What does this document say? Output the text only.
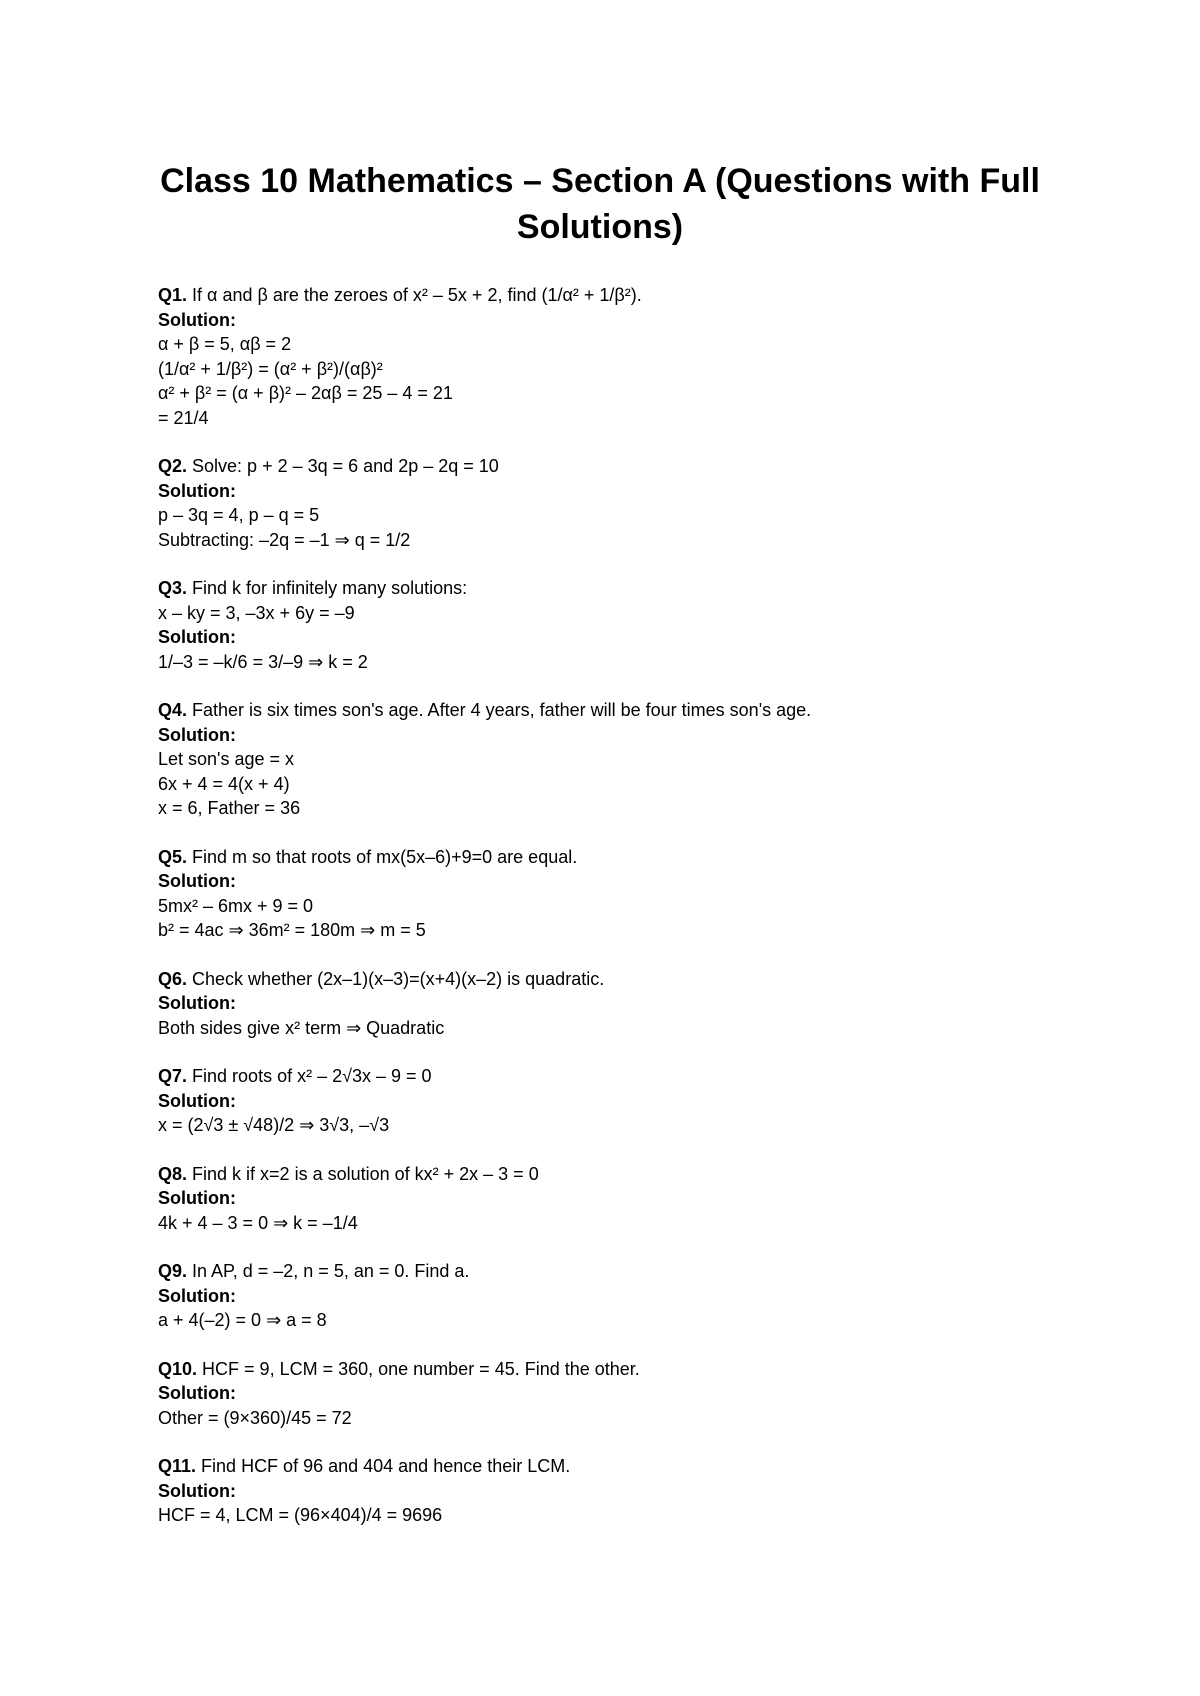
Class 10 Mathematics – Section A (Questions with Full Solutions)
Q1. If α and β are the zeroes of x² – 5x + 2, find (1/α² + 1/β²).
Solution:
α + β = 5, αβ = 2
(1/α² + 1/β²) = (α² + β²)/(αβ)²
α² + β² = (α + β)² – 2αβ = 25 – 4 = 21
= 21/4
Q2. Solve: p + 2 – 3q = 6 and 2p – 2q = 10
Solution:
p – 3q = 4, p – q = 5
Subtracting: –2q = –1 ⇒ q = 1/2
Q3. Find k for infinitely many solutions:
x – ky = 3, –3x + 6y = –9
Solution:
1/–3 = –k/6 = 3/–9 ⇒ k = 2
Q4. Father is six times son's age. After 4 years, father will be four times son's age.
Solution:
Let son's age = x
6x + 4 = 4(x + 4)
x = 6, Father = 36
Q5. Find m so that roots of mx(5x–6)+9=0 are equal.
Solution:
5mx² – 6mx + 9 = 0
b² = 4ac ⇒ 36m² = 180m ⇒ m = 5
Q6. Check whether (2x–1)(x–3)=(x+4)(x–2) is quadratic.
Solution:
Both sides give x² term ⇒ Quadratic
Q7. Find roots of x² – 2√3x – 9 = 0
Solution:
x = (2√3 ± √48)/2 ⇒ 3√3, –√3
Q8. Find k if x=2 is a solution of kx² + 2x – 3 = 0
Solution:
4k + 4 – 3 = 0 ⇒ k = –1/4
Q9. In AP, d = –2, n = 5, an = 0. Find a.
Solution:
a + 4(–2) = 0 ⇒ a = 8
Q10. HCF = 9, LCM = 360, one number = 45. Find the other.
Solution:
Other = (9×360)/45 = 72
Q11. Find HCF of 96 and 404 and hence their LCM.
Solution:
HCF = 4, LCM = (96×404)/4 = 9696
